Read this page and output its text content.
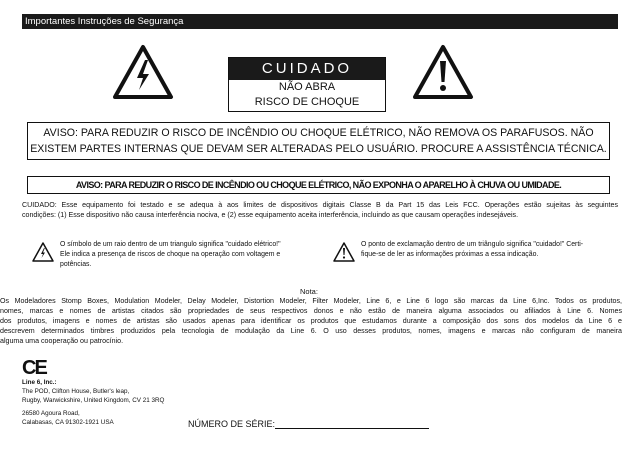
Importantes Instruções de Segurança
CUIDADO
NÃO ABRA
RISCO DE CHOQUE
AVISO: PARA REDUZIR O RISCO DE INCÊNDIO OU CHOQUE ELÉTRICO, NÃO REMOVA OS PARAFUSOS. NÃO
EXISTEM PARTES INTERNAS QUE DEVAM SER ALTERADAS PELO USUÁRIO. PROCURE A ASSISTÊNCIA TÉCNICA.
AVISO: PARA REDUZIR O RISCO DE INCÊNDIO OU CHOQUE ELÉTRICO, NÃO EXPONHA O APARELHO À CHUVA OU UMIDADE.
CUIDADO: Esse equipamento foi testado e se adequa à aos limites de dispositivos digitais Classe B da Part 15 das Leis FCC. Operações estão sujeitas às seguintes
condições: (1) Esse dispositivo não causa interferência nociva, e (2) esse equipamento aceita interferência, incluindo as que causam operações indesejáveis.
O símbolo de um raio dentro de um triangulo significa "cuidado elétrico!"
Ele indica a presença de riscos de choque na operação com voltagem e
potências.
O ponto de exclamação dentro de um triângulo significa "cuidado!" Certi-
fique-se de ler as informações próximas a essa indicação.
Nota:
Os Modeladores Stomp Boxes, Modulation Modeler, Delay Modeler, Distortion Modeler, Filter Modeler, Line 6, e Line 6 logo são marcas da Line 6,Inc. Todos os produtos,
nomes, marcas e nomes de artistas citados são propriedades de seus respectivos donos e não estão de maneira alguma associados ou afiliados à Line 6. Nomes
dos produtos, imagens e nomes de artistas são usados apenas para identificar os produtos que estudamos durante a composição dos sons dos modelos da Line 6 e
descrevem determinados timbres produzidos pela tecnologia de modulação da Line 6. O uso desses produtos, nomes, imagens e marcas não configuram de maneira
alguma uma cooperação ou patrocínio.
CE
Line 6, Inc.:
The POD, Clifton House, Butler's leap,
Rugby, Warwickshire, United Kingdom, CV 21 3RQ
26580 Agoura Road,
Calabasas, CA 91302-1921 USA	NÚMERO DE SÉRIE:
